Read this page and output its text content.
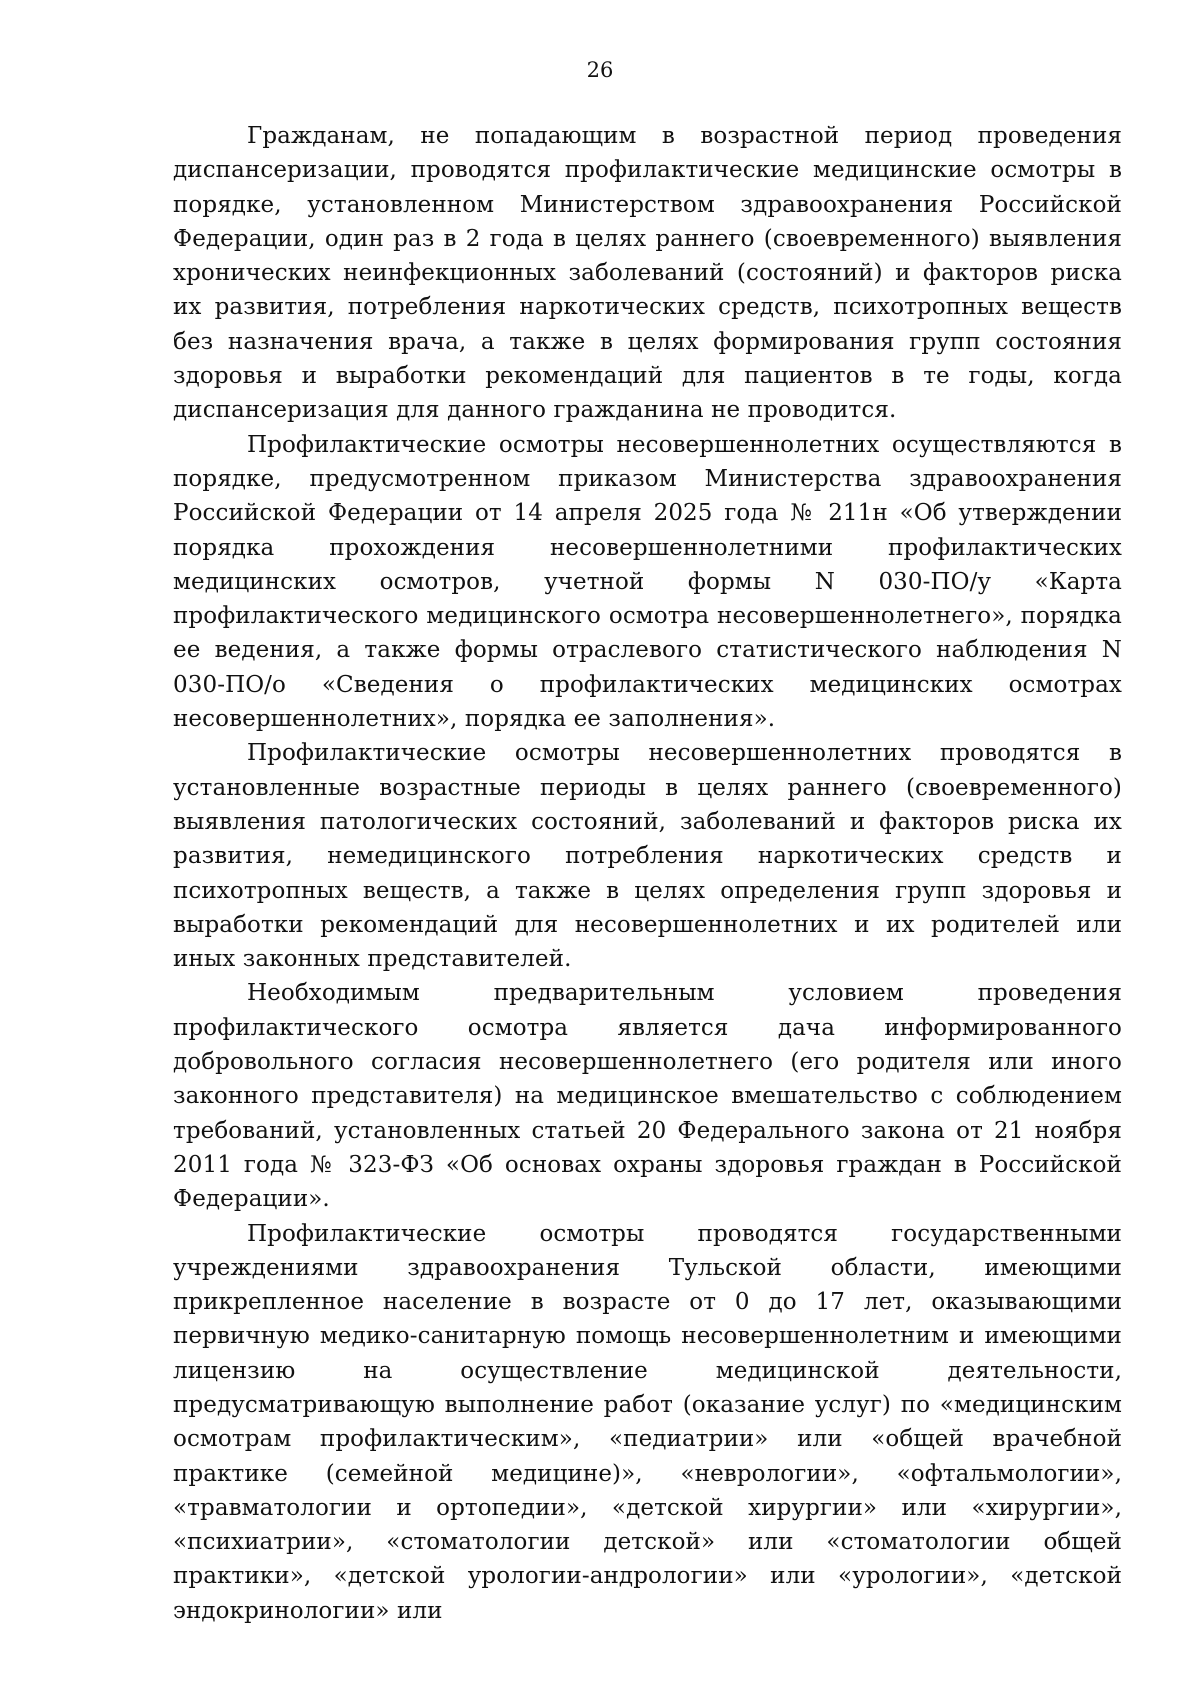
26

Гражданам, не попадающим в возрастной период проведения диспансеризации, проводятся профилактические медицинские осмотры в порядке, установленном Министерством здравоохранения Российской Федерации, один раз в 2 года в целях раннего (своевременного) выявления хронических неинфекционных заболеваний (состояний) и факторов риска их развития, потребления наркотических средств, психотропных веществ без назначения врача, а также в целях формирования групп состояния здоровья и выработки рекомендаций для пациентов в те годы, когда диспансеризация для данного гражданина не проводится.

Профилактические осмотры несовершеннолетних осуществляются в порядке, предусмотренном приказом Министерства здравоохранения Российской Федерации от 14 апреля 2025 года № 211н «Об утверждении порядка прохождения несовершеннолетними профилактических медицинских осмотров, учетной формы N 030-ПО/у «Карта профилактического медицинского осмотра несовершеннолетнего», порядка ее ведения, а также формы отраслевого статистического наблюдения N 030-ПО/о «Сведения о профилактических медицинских осмотрах несовершеннолетних», порядка ее заполнения».

Профилактические осмотры несовершеннолетних проводятся в установленные возрастные периоды в целях раннего (своевременного) выявления патологических состояний, заболеваний и факторов риска их развития, немедицинского потребления наркотических средств и психотропных веществ, а также в целях определения групп здоровья и выработки рекомендаций для несовершеннолетних и их родителей или иных законных представителей.

Необходимым предварительным условием проведения профилактического осмотра является дача информированного добровольного согласия несовершеннолетнего (его родителя или иного законного представителя) на медицинское вмешательство с соблюдением требований, установленных статьей 20 Федерального закона от 21 ноября 2011 года № 323-ФЗ «Об основах охраны здоровья граждан в Российской Федерации».

Профилактические осмотры проводятся государственными учреждениями здравоохранения Тульской области, имеющими прикрепленное население в возрасте от 0 до 17 лет, оказывающими первичную медико-санитарную помощь несовершеннолетним и имеющими лицензию на осуществление медицинской деятельности, предусматривающую выполнение работ (оказание услуг) по «медицинским осмотрам профилактическим», «педиатрии» или «общей врачебной практике (семейной медицине)», «неврологии», «офтальмологии», «травматологии и ортопедии», «детской хирургии» или «хирургии», «психиатрии», «стоматологии детской» или «стоматологии общей практики», «детской урологии-андрологии» или «урологии», «детской эндокринологии» или
